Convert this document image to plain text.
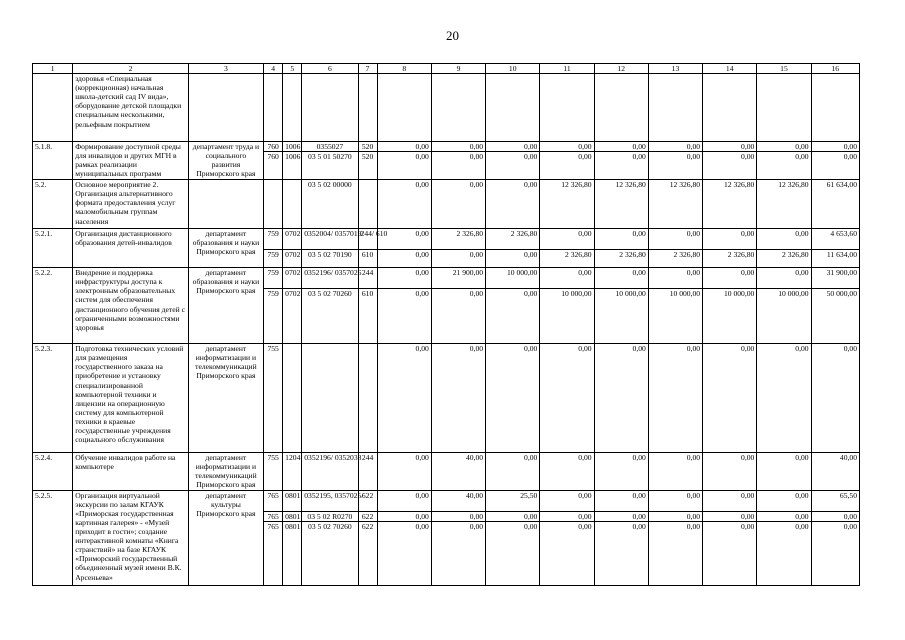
20
1	2	3	4	5	6	7	8	9	10	11	12	13	14	15	16
	здоровья «Специальная (коррекционная) начальная школа-детский сад IV вида», оборудование детской площадки специальным несколькими, рельефным покрытием														
5.1.8.	Формирование доступной среды для инвалидов и других МГН в рамках реализации муниципальных программ	департамент труда и социального развития Приморского края	760	1006	0355027	520	0,00	0,00	0,00	0,00	0,00	0,00	0,00	0,00	0,00
			760	1006	03 5 01 50270	520	0,00	0,00	0,00	0,00	0,00	0,00	0,00	0,00	0,00
5.2.	Основное мероприятие 2. Организация альтернативного формата предоставления услуг маломобильным группам населения				03 5 02 00000		0,00	0,00	0,00	12 326,80	12 326,80	12 326,80	12 326,80	12 326,80	61 634,00
5.2.1.	Организация дистанционного образования детей-инвалидов	департамент образования и науки Приморского края	759	0702	0352004/ 0357019/	244/ 610	0,00	2 326,80	2 326,80	0,00	0,00	0,00	0,00	0,00	4 653,60
			759	0702	03 5 02 70190	610	0,00	0,00	0,00	2 326,80	2 326,80	2 326,80	2 326,80	2 326,80	11 634,00
5.2.2.	Внедрение и поддержка инфраструктуры доступа к электронным образовательных систем для обеспечения дистанционного обучения детей с ограниченными возможностями здоровья	департамент образования и науки Приморского края	759	0702	0352196/ 0357026	244	0,00	21 900,00	10 000,00	0,00	0,00	0,00	0,00	0,00	31 900,00
			759	0702	03 5 02 70260	610	0,00	0,00	0,00	10 000,00	10 000,00	10 000,00	10 000,00	10 000,00	50 000,00
5.2.3.	Подготовка технических условий для размещения государственного заказа на приобретение и установку специализированной компьютерной техники и лицензии на операционную систему для компьютерной техники в краевые государственные учреждения социального обслуживания	департамент информатизации и телекоммуникаций Приморского края	755				0,00	0,00	0,00	0,00	0,00	0,00	0,00	0,00	0,00
5.2.4.	Обучение инвалидов работе на компьютере	департамент информатизации и телекоммуникаций Приморского края	755	1204	0352196/ 0352038	244	0,00	40,00	0,00	0,00	0,00	0,00	0,00	0,00	40,00
5.2.5.	Организация виртуальной экскурсии по залам КГАУК «Приморская государственная картинная галерея» - «Музей приходит в гости»; создание интерактивной комнаты «Книга странствий» на базе КГАУК «Приморский государственный объединенный музей имени В.К. Арсеньева»	департамент культуры Приморского края	765	0801	0352195, 0357025/	622	0,00	40,00	25,50	0,00	0,00	0,00	0,00	0,00	65,50
			765	0801	03 5 02 R0270	622	0,00	0,00	0,00	0,00	0,00	0,00	0,00	0,00	0,00
			765	0801	03 5 02 70260	622	0,00	0,00	0,00	0,00	0,00	0,00	0,00	0,00	0,00
